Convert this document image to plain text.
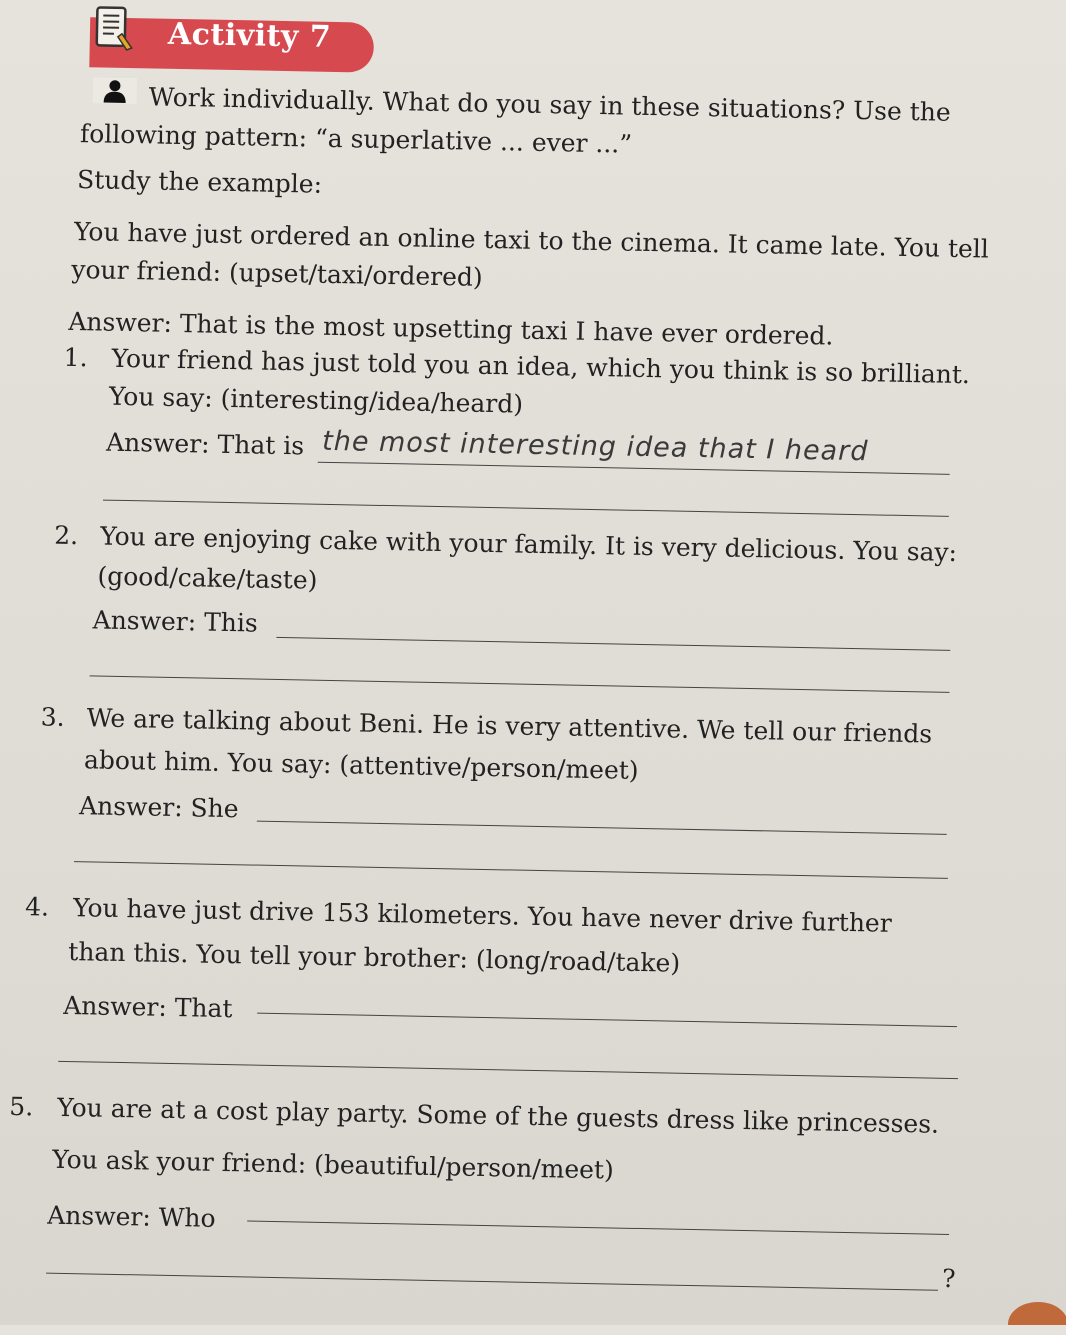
Activity 7
Work individually. What do you say in these situations? Use the
following pattern: “a superlative ... ever ...”
Study the example:
You have just ordered an online taxi to the cinema. It came late. You tell
your friend: (upset/taxi/ordered)
Answer: That is the most upsetting taxi I have ever ordered.
1. Your friend has just told you an idea, which you think is so brilliant.
You say: (interesting/idea/heard)
Answer: That is the most interesting idea that I heard
2. You are enjoying cake with your family. It is very delicious. You say:
(good/cake/taste)
Answer: This
3. We are talking about Beni. He is very attentive. We tell our friends
about him. You say: (attentive/person/meet)
Answer: She
4. You have just drive 153 kilometers. You have never drive further
than this. You tell your brother: (long/road/take)
Answer: That
5. You are at a cost play party. Some of the guests dress like princesses.
You ask your friend: (beautiful/person/meet)
Answer: Who
?
